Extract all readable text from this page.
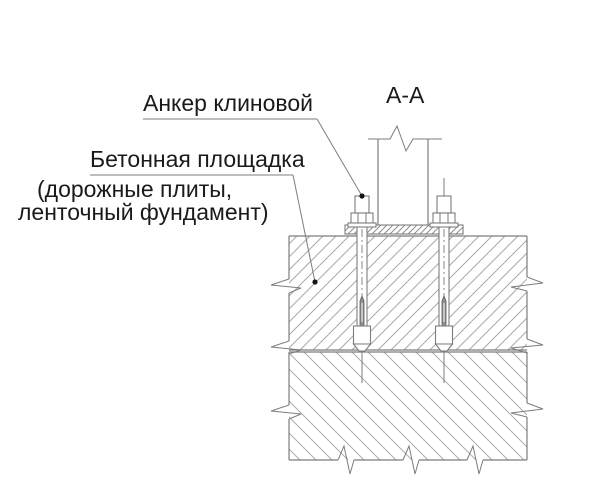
А-А
Анкер клиновой
Бетонная площадка
(дорожные плиты,
ленточный фундамент)
